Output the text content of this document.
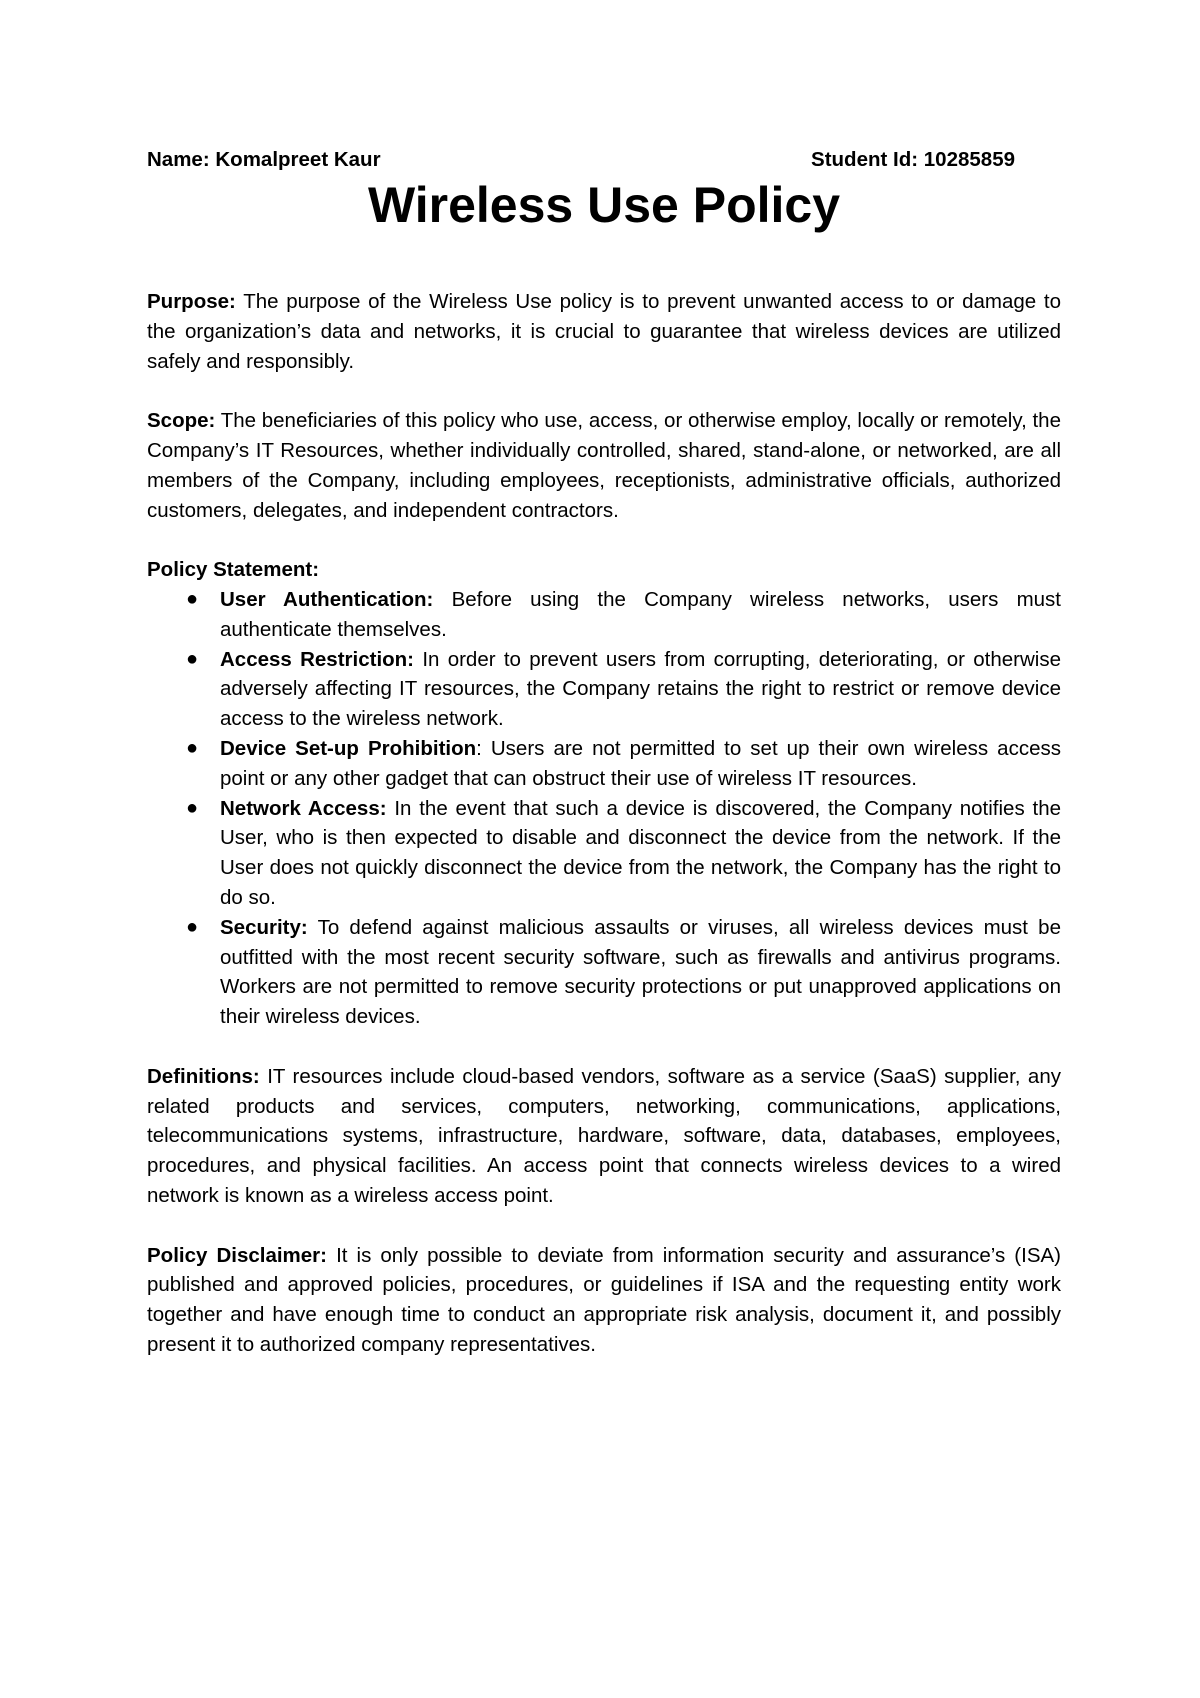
Name: Komalpreet Kaur	Student Id: 10285859
Wireless Use Policy

Purpose: The purpose of the Wireless Use policy is to prevent unwanted access to or damage to the organization’s data and networks, it is crucial to guarantee that wireless devices are utilized safely and responsibly.

Scope: The beneficiaries of this policy who use, access, or otherwise employ, locally or remotely, the Company’s IT Resources, whether individually controlled, shared, stand-alone, or networked, are all members of the Company, including employees, receptionists, administrative officials, authorized customers, delegates, and independent contractors.

Policy Statement:
● User Authentication: Before using the Company wireless networks, users must authenticate themselves.
● Access Restriction: In order to prevent users from corrupting, deteriorating, or otherwise adversely affecting IT resources, the Company retains the right to restrict or remove device access to the wireless network.
● Device Set-up Prohibition: Users are not permitted to set up their own wireless access point or any other gadget that can obstruct their use of wireless IT resources.
● Network Access: In the event that such a device is discovered, the Company notifies the User, who is then expected to disable and disconnect the device from the network. If the User does not quickly disconnect the device from the network, the Company has the right to do so.
● Security: To defend against malicious assaults or viruses, all wireless devices must be outfitted with the most recent security software, such as firewalls and antivirus programs. Workers are not permitted to remove security protections or put unapproved applications on their wireless devices.

Definitions: IT resources include cloud-based vendors, software as a service (SaaS) supplier, any related products and services, computers, networking, communications, applications, telecommunications systems, infrastructure, hardware, software, data, databases, employees, procedures, and physical facilities. An access point that connects wireless devices to a wired network is known as a wireless access point.

Policy Disclaimer: It is only possible to deviate from information security and assurance’s (ISA) published and approved policies, procedures, or guidelines if ISA and the requesting entity work together and have enough time to conduct an appropriate risk analysis, document it, and possibly present it to authorized company representatives.
